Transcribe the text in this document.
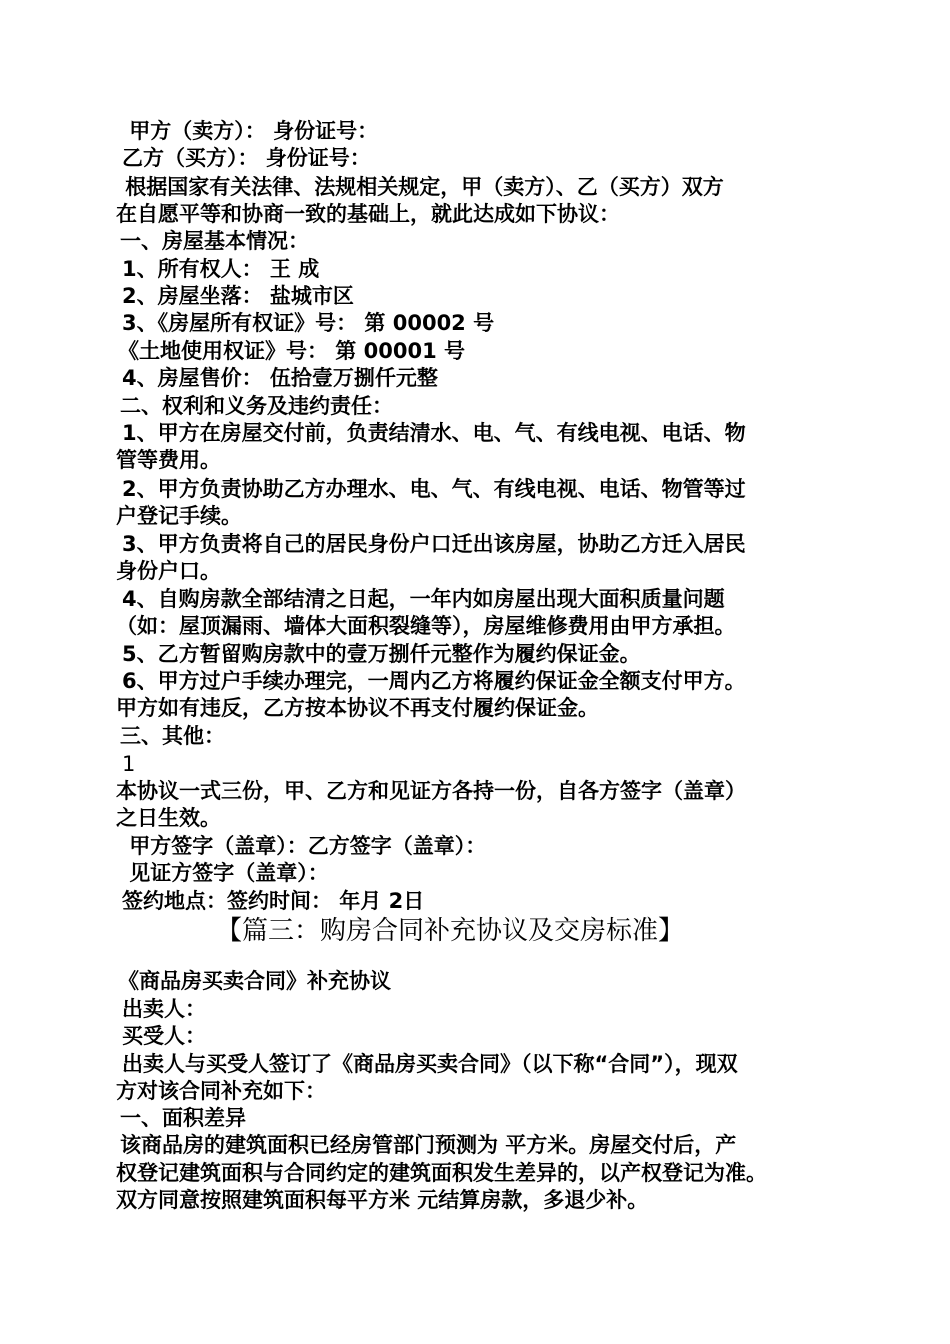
甲方（卖方）： 身份证号：
乙方（买方）： 身份证号：
根据国家有关法律、法规相关规定，甲（卖方）、乙（买方）双方
在自愿平等和协商一致的基础上，就此达成如下协议：
一、房屋基本情况：
1、所有权人： 王 成
2、房屋坐落： 盐城市区
3、《房屋所有权证》号： 第 00002 号
《土地使用权证》号： 第 00001 号
4、房屋售价： 伍拾壹万捌仟元整
二、权利和义务及违约责任：
1、甲方在房屋交付前，负责结清水、电、气、有线电视、电话、物
管等费用。
2、甲方负责协助乙方办理水、电、气、有线电视、电话、物管等过
户登记手续。
3、甲方负责将自己的居民身份户口迁出该房屋，协助乙方迁入居民
身份户口。
4、自购房款全部结清之日起，一年内如房屋出现大面积质量问题
（如：屋顶漏雨、墙体大面积裂缝等），房屋维修费用由甲方承担。
5、乙方暂留购房款中的壹万捌仟元整作为履约保证金。
6、甲方过户手续办理完，一周内乙方将履约保证金全额支付甲方。
甲方如有违反，乙方按本协议不再支付履约保证金。
三、其他：
1
本协议一式三份，甲、乙方和见证方各持一份，自各方签字（盖章）
之日生效。
甲方签字（盖章）：乙方签字（盖章）：
见证方签字（盖章）：
签约地点：签约时间： 年月 2日
【篇三：购房合同补充协议及交房标准】
《商品房买卖合同》补充协议
出卖人：
买受人：
出卖人与买受人签订了《商品房买卖合同》（以下称“合同”），现双
方对该合同补充如下：
一、面积差异
该商品房的建筑面积已经房管部门预测为 平方米。房屋交付后，产
权登记建筑面积与合同约定的建筑面积发生差异的，以产权登记为准。
双方同意按照建筑面积每平方米 元结算房款，多退少补。
